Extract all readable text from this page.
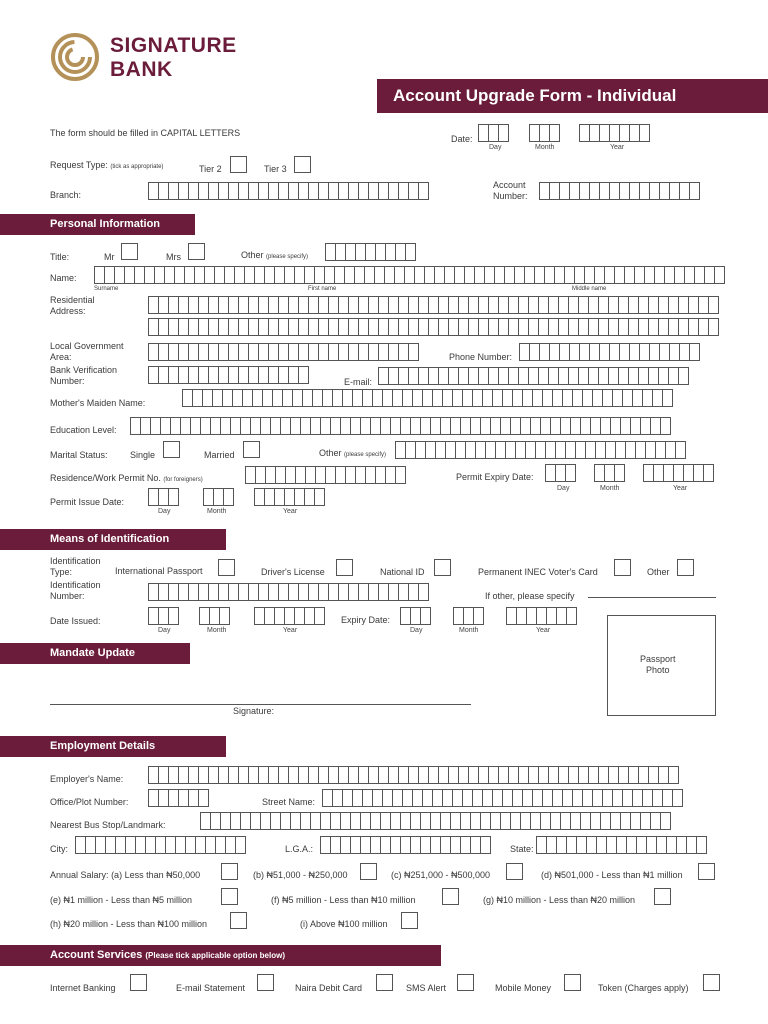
SIGNATURE
BANK
Account Upgrade Form - Individual
The form should be filled in CAPITAL LETTERS
Date:
Day	Month	Year
Request Type: (tick as appropriate)	Tier 2	Tier 3
Branch:
Account
Number:
Personal Information
Title:	Mr	Mrs	Other (please specify)
Name:
Surname	First name	Middle name
Residential
Address:
Local Government
Area:	Phone Number:
Bank Verification
Number:	E-mail:
Mother's Maiden Name:
Education Level:
Marital Status: Single	Married	Other (please specify)
Residence/Work Permit No. (for foreigners)	Permit Expiry Date:
Day	Month	Year
Permit Issue Date:
Day	Month	Year
Means of Identification
Identification
Type:	International Passport	Driver's License	National ID	Permanent INEC Voter's Card	Other
Identification
Number:	If other, please specify
Date Issued:
Day	Month	Year
Expiry Date:
Day	Month	Year
Passport
Photo
Mandate Update
Signature:
Employment Details
Employer's Name:
Office/Plot Number:	Street Name:
Nearest Bus Stop/Landmark:
City:	L.G.A.:	State:
Annual Salary: (a) Less than ₦50,000	(b) ₦51,000 - ₦250,000	(c) ₦251,000 - ₦500,000	(d) ₦501,000 - Less than ₦1 million
(e) ₦1 million - Less than ₦5 million	(f) ₦5 million - Less than ₦10 million	(g) ₦10 million - Less than ₦20 million
(h) ₦20 million - Less than ₦100 million	(i) Above ₦100 million
Account Services (Please tick applicable option below)
Internet Banking	E-mail Statement	Naira Debit Card	SMS Alert	Mobile Money	Token (Charges apply)
